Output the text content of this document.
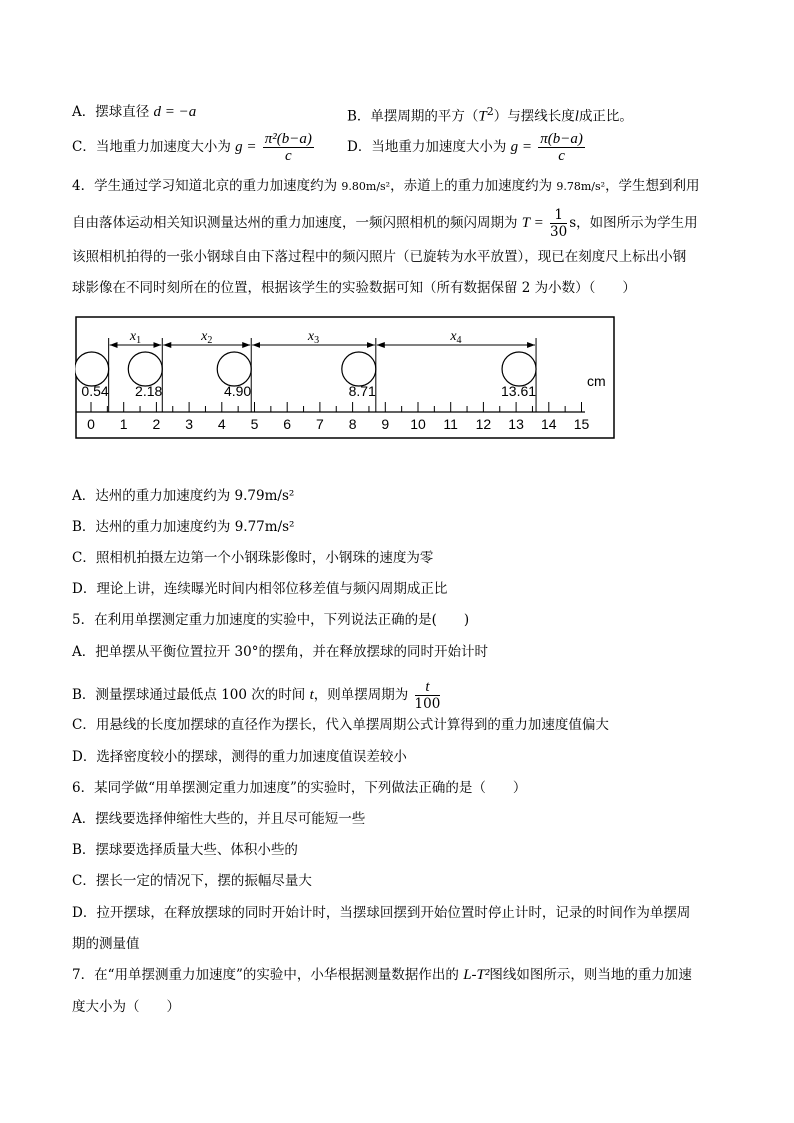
A．摆球直径 d = −a	B．单摆周期的平方$(T^2)$与摆线长度l成正比。
C．当地重力加速度大小为 $g = \frac{\text{π²(b−a)}}{c}$ D．当地重力加速度大小为 $g = \frac{\pi(b-a)}{c}$
4．学生通过学习知道北京的重力加速度约为 9.80m/s²，赤道上的重力加速度约为 9.78m/s²，学生想到利用
自由落体运动相关知识测量达州的重力加速度，一频闪照相机的频闪周期为 $T = \frac{1}{30}$ s，如图所示为学生用
该照相机拍得的一张小钢球自由下落过程中的频闪照片（已旋转为水平放置），现已在刻度尺上标出小钢
球影像在不同时刻所在的位置，根据该学生的实验数据可知（所有数据保留 2 为小数）（　　）
0 1 2 3 4 5 6 7 8 9 10 11 12 13 14 15
0.54 2.18	4.90	8.71	13.61
$x_1$	$x_2$	$x_3$	$x_4$
cm
A．达州的重力加速度约为 9.79m/s²
B．达州的重力加速度约为 9.77m/s²
C．照相机拍摄左边第一个小钢珠影像时，小钢珠的速度为零
D．理论上讲，连续曝光时间内相邻位移差值与频闪周期成正比
5．在利用单摆测定重力加速度的实验中，下列说法正确的是(　　)
A．把单摆从平衡位置拉开 30°的摆角，并在释放摆球的同时开始计时
B．测量摆球通过最低点 100 次的时间 t，则单摆周期为 $\frac{t}{100}$
C．用悬线的长度加摆球的直径作为摆长，代入单摆周期公式计算得到的重力加速度值偏大
D．选择密度较小的摆球，测得的重力加速度值误差较小
6．某同学做“用单摆测定重力加速度”的实验时，下列做法正确的是（　　）
A．摆线要选择伸缩性大些的，并且尽可能短一些
B．摆球要选择质量大些、体积小些的
C．摆长一定的情况下，摆的振幅尽量大
D．拉开摆球，在释放摆球的同时开始计时，当摆球回摆到开始位置时停止计时，记录的时间作为单摆周
期的测量值
7．在“用单摆测重力加速度”的实验中，小华根据测量数据作出的 L-T²图线如图所示，则当地的重力加速
度大小为（　　）
